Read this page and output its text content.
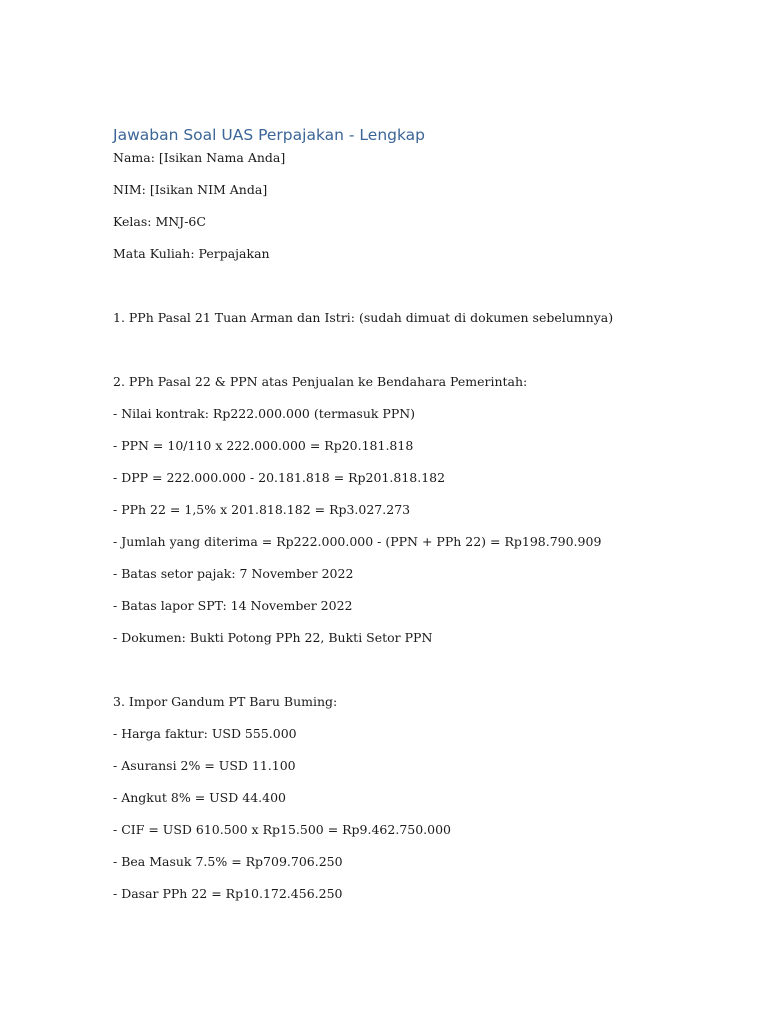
Jawaban Soal UAS Perpajakan - Lengkap

Nama: [Isikan Nama Anda]

NIM: [Isikan NIM Anda]

Kelas: MNJ-6C

Mata Kuliah: Perpajakan

1. PPh Pasal 21 Tuan Arman dan Istri: (sudah dimuat di dokumen sebelumnya)

2. PPh Pasal 22 & PPN atas Penjualan ke Bendahara Pemerintah:

- Nilai kontrak: Rp222.000.000 (termasuk PPN)

- PPN = 10/110 x 222.000.000 = Rp20.181.818

- DPP = 222.000.000 - 20.181.818 = Rp201.818.182

- PPh 22 = 1,5% x 201.818.182 = Rp3.027.273

- Jumlah yang diterima = Rp222.000.000 - (PPN + PPh 22) = Rp198.790.909

- Batas setor pajak: 7 November 2022

- Batas lapor SPT: 14 November 2022

- Dokumen: Bukti Potong PPh 22, Bukti Setor PPN

3. Impor Gandum PT Baru Buming:

- Harga faktur: USD 555.000

- Asuransi 2% = USD 11.100

- Angkut 8% = USD 44.400

- CIF = USD 610.500 x Rp15.500 = Rp9.462.750.000

- Bea Masuk 7.5% = Rp709.706.250

- Dasar PPh 22 = Rp10.172.456.250
